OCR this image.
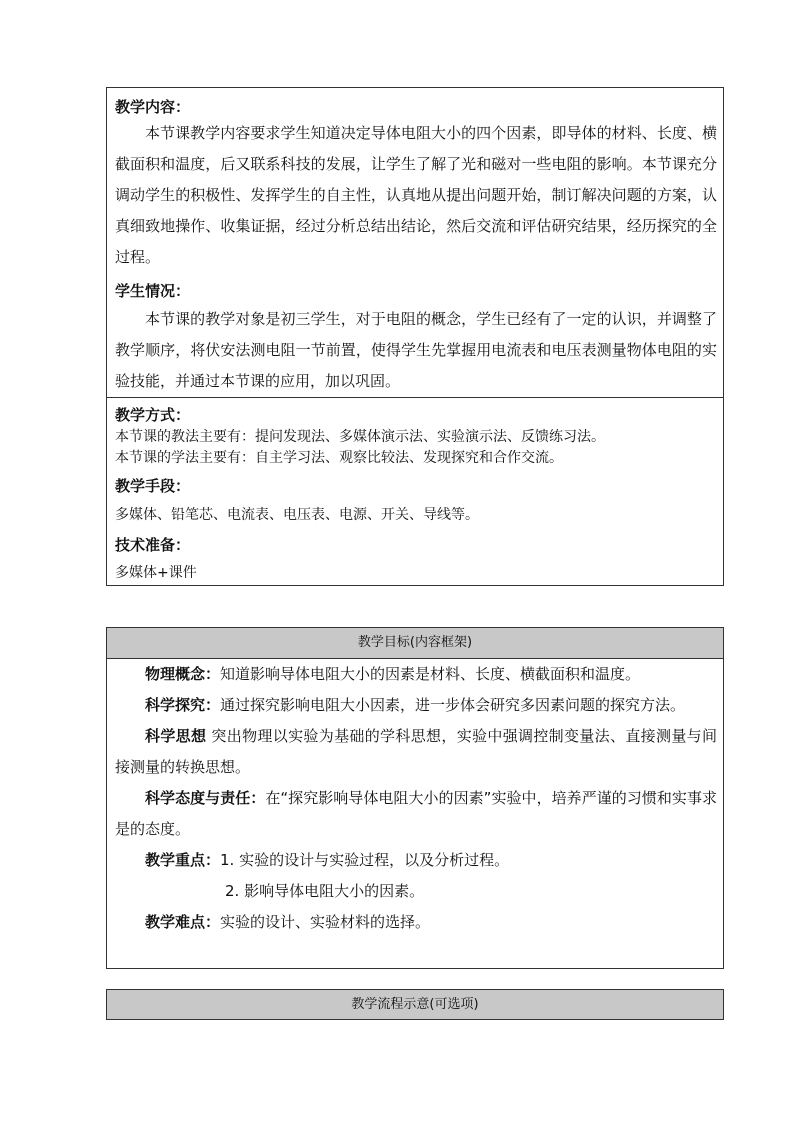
教学内容：
本节课教学内容要求学生知道决定导体电阻大小的四个因素，即导体的材料、长度、横截面积和温度，后又联系科技的发展，让学生了解了光和磁对一些电阻的影响。本节课充分调动学生的积极性、发挥学生的自主性，认真地从提出问题开始，制订解决问题的方案，认真细致地操作、收集证据，经过分析总结出结论，然后交流和评估研究结果，经历探究的全过程。
学生情况：
本节课的教学对象是初三学生，对于电阻的概念，学生已经有了一定的认识，并调整了教学顺序，将伏安法测电阻一节前置，使得学生先掌握用电流表和电压表测量物体电阻的实验技能，并通过本节课的应用，加以巩固。
教学方式：
本节课的教法主要有：提问发现法、多媒体演示法、实验演示法、反馈练习法。
本节课的学法主要有：自主学习法、观察比较法、发现探究和合作交流。
教学手段：
多媒体、铅笔芯、电流表、电压表、电源、开关、导线等。
技术准备：
多媒体+课件
教学目标(内容框架)
物理概念：知道影响导体电阻大小的因素是材料、长度、横截面积和温度。
科学探究：通过探究影响电阻大小因素，进一步体会研究多因素问题的探究方法。
科学思想 突出物理以实验为基础的学科思想，实验中强调控制变量法、直接测量与间接测量的转换思想。
科学态度与责任：在“探究影响导体电阻大小的因素”实验中，培养严谨的习惯和实事求是的态度。
教学重点：1. 实验的设计与实验过程，以及分析过程。
2. 影响导体电阻大小的因素。
教学难点：实验的设计、实验材料的选择。
教学流程示意(可选项)
